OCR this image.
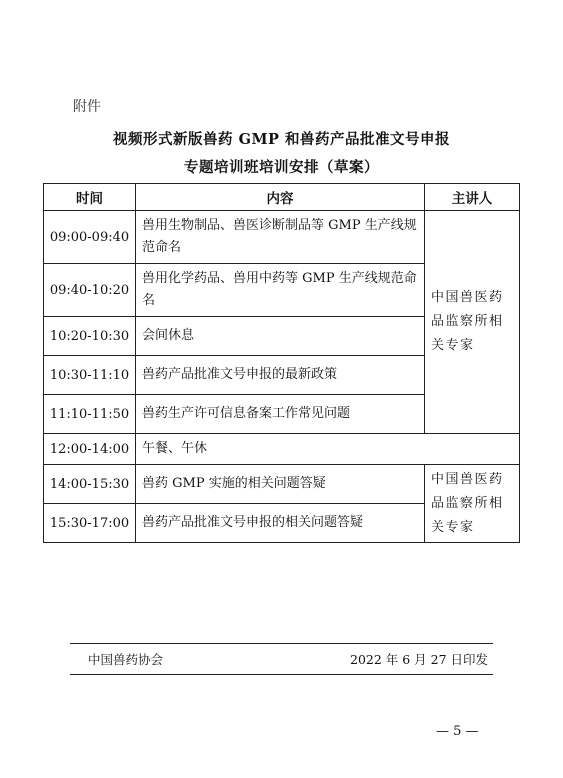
附件
视频形式新版兽药 GMP 和兽药产品批准文号申报
专题培训班培训安排（草案）
时间	内容	主讲人
09:00-09:40	兽用生物制品、兽医诊断制品等 GMP 生产线规范命名	中国兽医药品监察所相关专家
09:40-10:20	兽用化学药品、兽用中药等 GMP 生产线规范命名	
10:20-10:30	会间休息	
10:30-11:10	兽药产品批准文号申报的最新政策	
11:10-11:50	兽药生产许可信息备案工作常见问题	
12:00-14:00	午餐、午休	
14:00-15:30	兽药 GMP 实施的相关问题答疑	中国兽医药品监察所相关专家
15:30-17:00	兽药产品批准文号申报的相关问题答疑	
中国兽药协会	2022 年 6 月 27 日印发
— 5 —
